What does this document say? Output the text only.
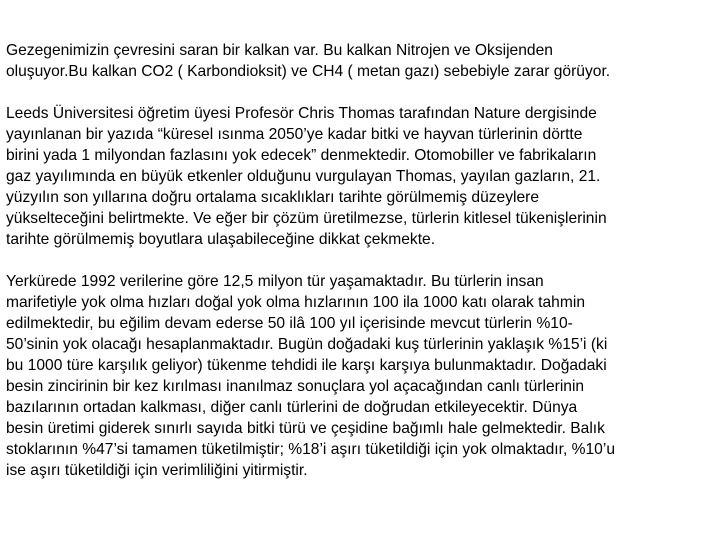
Gezegenimizin çevresini saran bir kalkan var. Bu kalkan Nitrojen ve Oksijenden
oluşuyor.Bu kalkan CO2 ( Karbondioksit) ve CH4 ( metan gazı) sebebiyle zarar görüyor.
Leeds Üniversitesi öğretim üyesi Profesör Chris Thomas tarafından Nature dergisinde
yayınlanan bir yazıda “küresel ısınma 2050’ye kadar bitki ve hayvan türlerinin dörtte
birini yada 1 milyondan fazlasını yok edecek” denmektedir. Otomobiller ve fabrikaların
gaz yayılımında en büyük etkenler olduğunu vurgulayan Thomas, yayılan gazların, 21.
yüzyılın son yıllarına doğru ortalama sıcaklıkları tarihte görülmemiş düzeylere
yükselteceğini belirtmekte. Ve eğer bir çözüm üretilmezse, türlerin kitlesel tükenişlerinin
tarihte görülmemiş boyutlara ulaşabileceğine dikkat çekmekte.
Yerkürede 1992 verilerine göre 12,5 milyon tür yaşamaktadır. Bu türlerin insan
marifetiyle yok olma hızları doğal yok olma hızlarının 100 ila 1000 katı olarak tahmin
edilmektedir, bu eğilim devam ederse 50 ilâ 100 yıl içerisinde mevcut türlerin %10-
50’sinin yok olacağı hesaplanmaktadır. Bugün doğadaki kuş türlerinin yaklaşık %15’i (ki
bu 1000 türe karşılık geliyor) tükenme tehdidi ile karşı karşıya bulunmaktadır. Doğadaki
besin zincirinin bir kez kırılması inanılmaz sonuçlara yol açacağından canlı türlerinin
bazılarının ortadan kalkması, diğer canlı türlerini de doğrudan etkileyecektir. Dünya
besin üretimi giderek sınırlı sayıda bitki türü ve çeşidine bağımlı hale gelmektedir. Balık
stoklarının %47’si tamamen tüketilmiştir; %18’i aşırı tüketildiği için yok olmaktadır, %10’u
ise aşırı tüketildiği için verimliliğini yitirmiştir.
